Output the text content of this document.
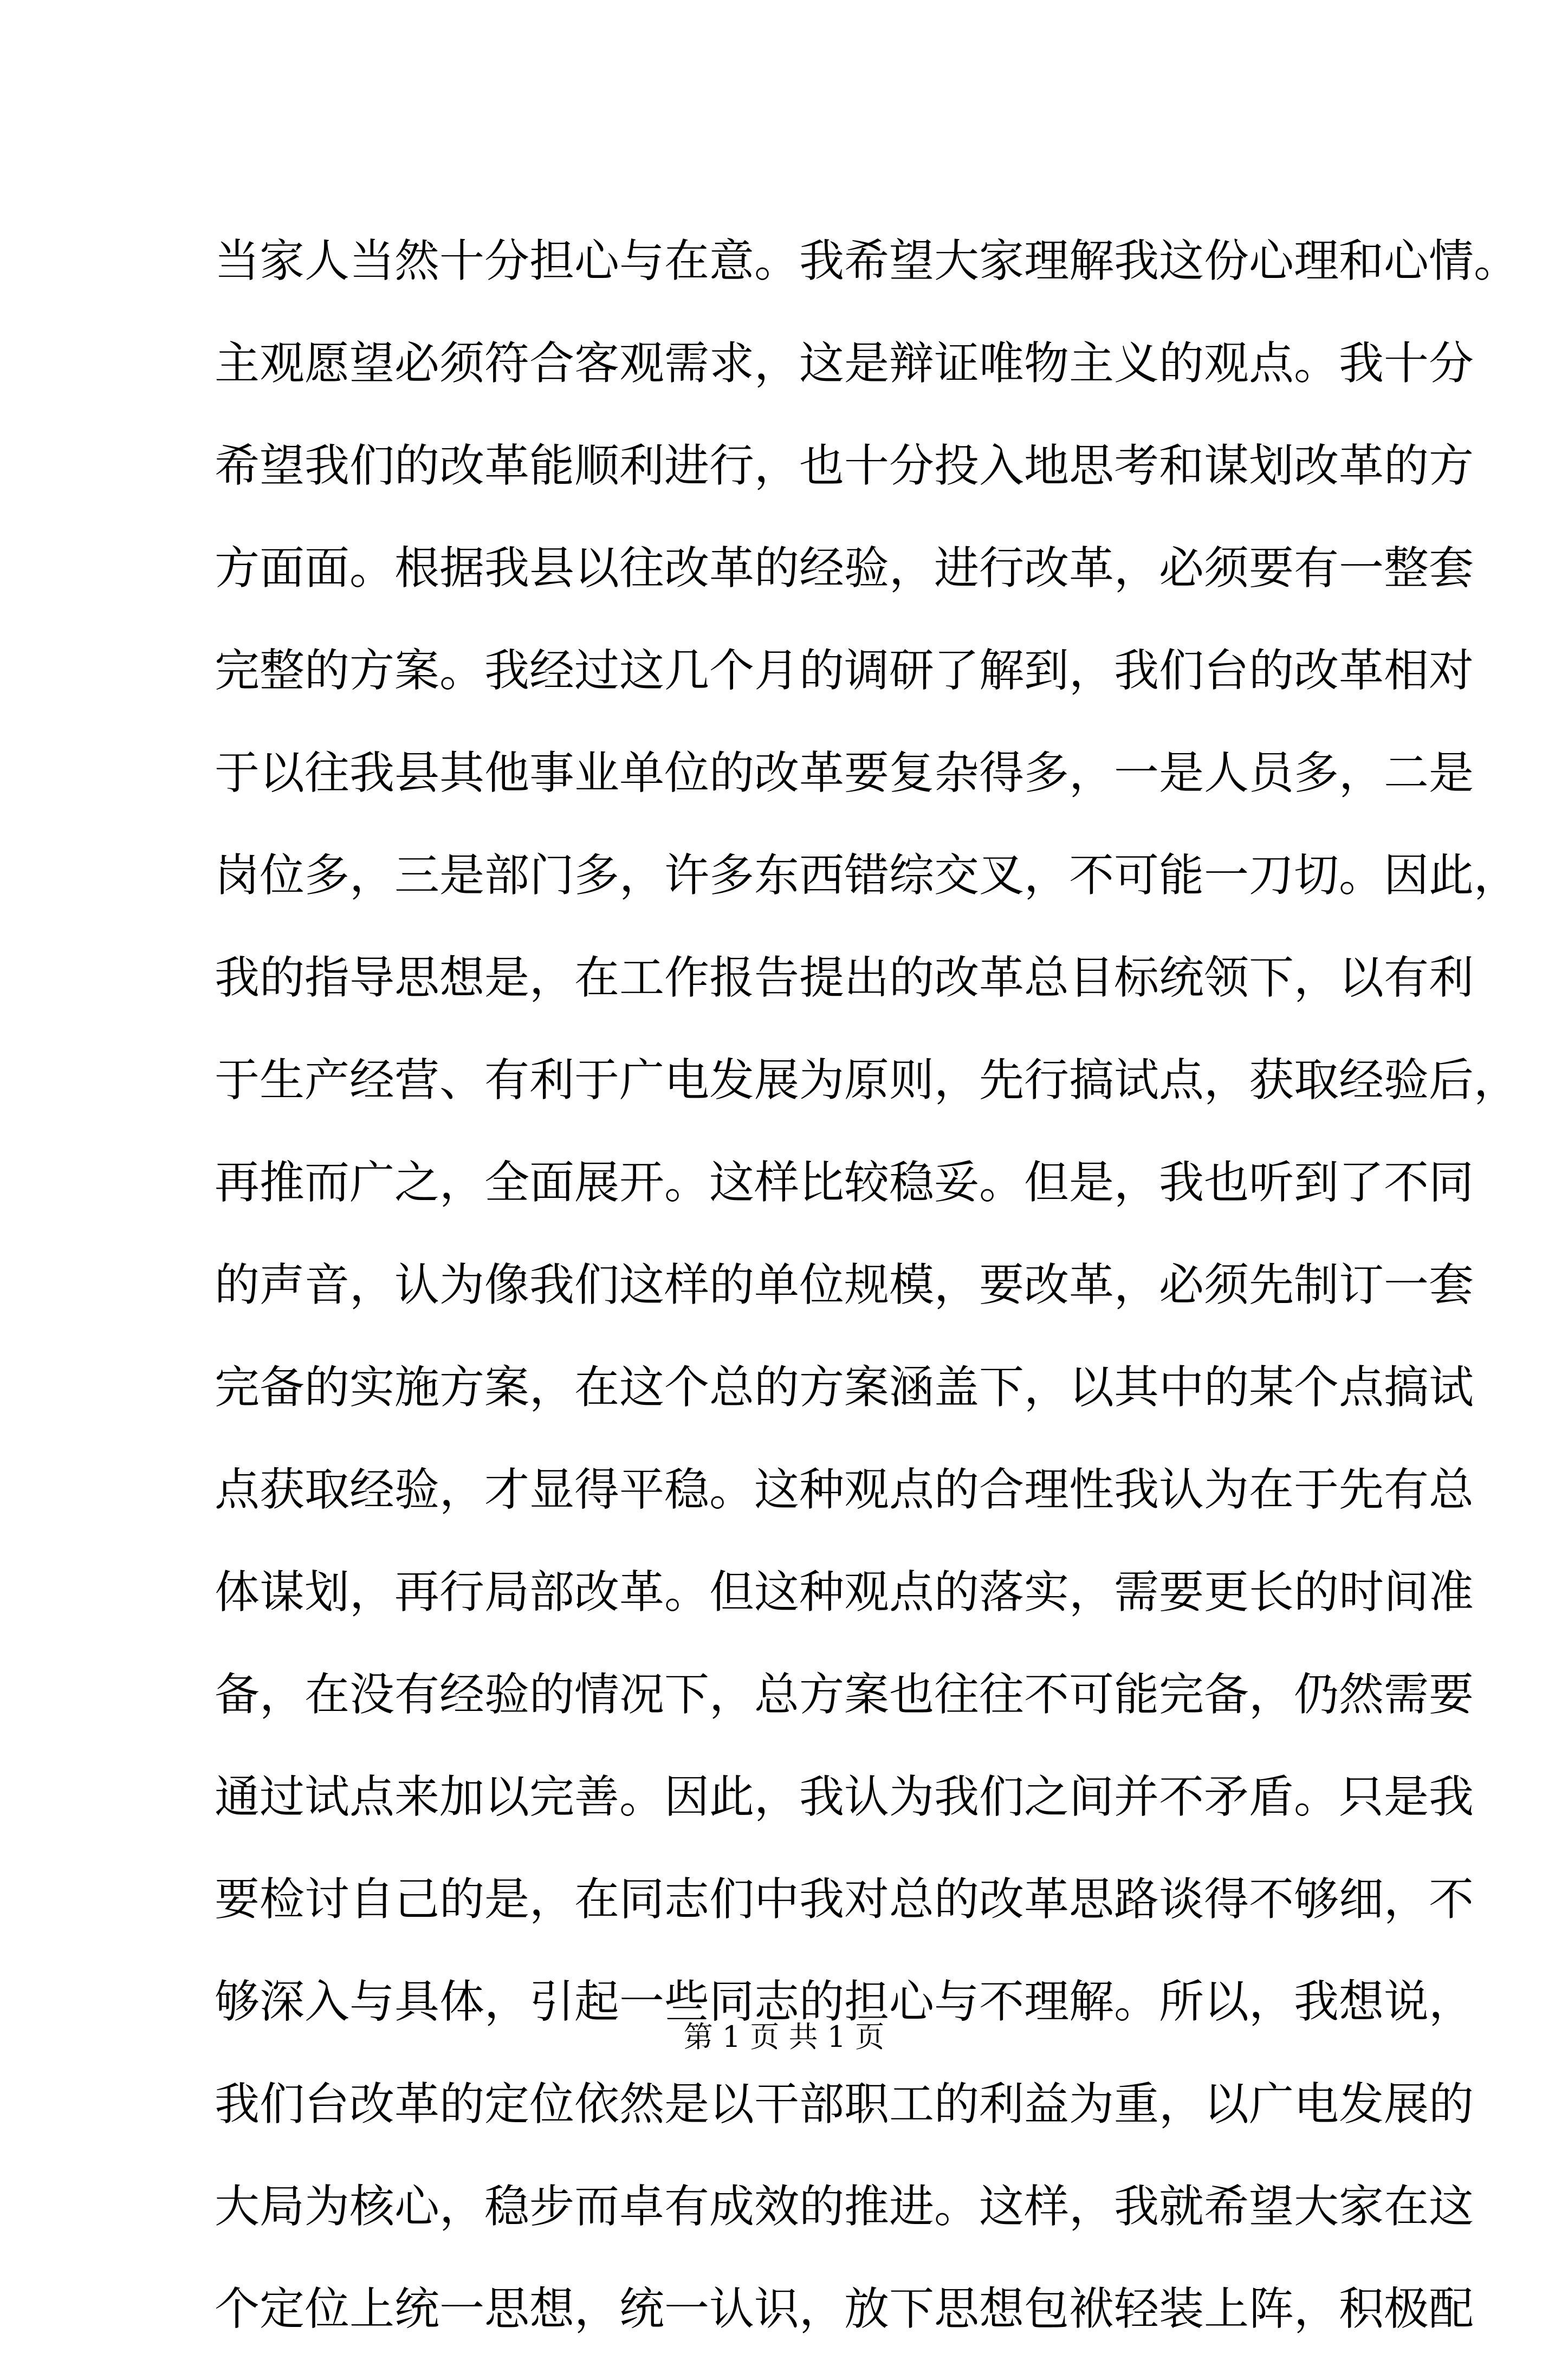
当家人当然十分担心与在意。我希望大家理解我这份心理和心情。
主观愿望必须符合客观需求，这是辩证唯物主义的观点。我十分
希望我们的改革能顺利进行，也十分投入地思考和谋划改革的方
方面面。根据我县以往改革的经验，进行改革，必须要有一整套
完整的方案。我经过这几个月的调研了解到，我们台的改革相对
于以往我县其他事业单位的改革要复杂得多，一是人员多，二是
岗位多，三是部门多，许多东西错综交叉，不可能一刀切。因此，
我的指导思想是，在工作报告提出的改革总目标统领下，以有利
于生产经营、有利于广电发展为原则，先行搞试点，获取经验后，
再推而广之，全面展开。这样比较稳妥。但是，我也听到了不同
的声音，认为像我们这样的单位规模，要改革，必须先制订一套
完备的实施方案，在这个总的方案涵盖下，以其中的某个点搞试
点获取经验，才显得平稳。这种观点的合理性我认为在于先有总
体谋划，再行局部改革。但这种观点的落实，需要更长的时间准
备，在没有经验的情况下，总方案也往往不可能完备，仍然需要
通过试点来加以完善。因此，我认为我们之间并不矛盾。只是我
要检讨自己的是，在同志们中我对总的改革思路谈得不够细，不
够深入与具体，引起一些同志的担心与不理解。所以，我想说，
我们台改革的定位依然是以干部职工的利益为重，以广电发展的
大局为核心，稳步而卓有成效的推进。这样，我就希望大家在这
个定位上统一思想，统一认识，放下思想包袱轻装上阵，积极配
第 1 页 共 1 页
